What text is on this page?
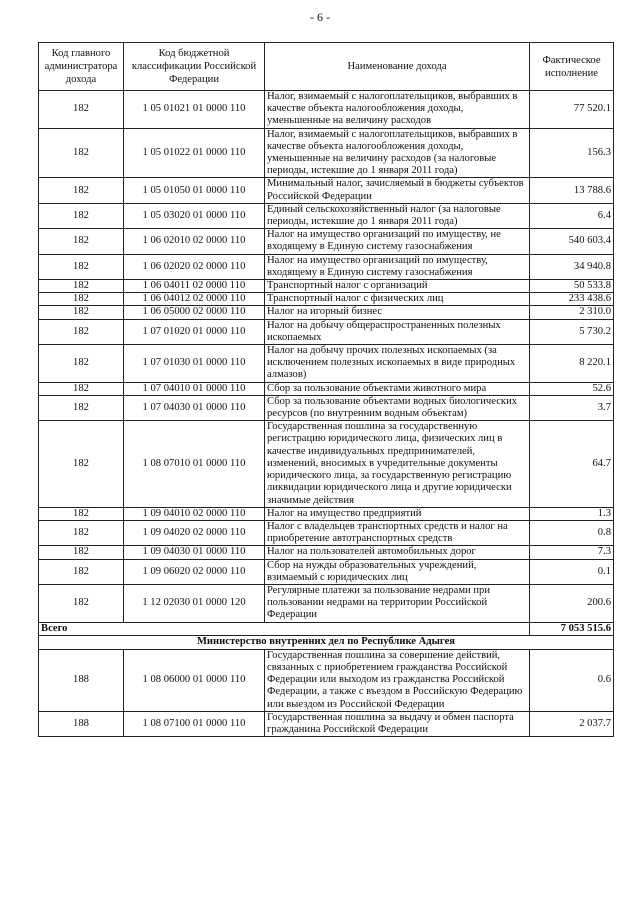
- 6 -
Код главного администратора дохода	Код бюджетной классификации Российской Федерации	Наименование дохода	Фактическое исполнение
182	1 05 01021 01 0000 110	Налог, взимаемый с налогоплательщиков, выбравших в качестве объекта налогообложения доходы, уменьшенные на величину расходов	77 520.1
182	1 05 01022 01 0000 110	Налог, взимаемый с налогоплательщиков, выбравших в качестве объекта налогообложения доходы, уменьшенные на величину расходов (за налоговые периоды, истекшие до 1 января 2011 года)	156.3
182	1 05 01050 01 0000 110	Минимальный налог, зачисляемый в бюджеты субъектов Российской Федерации	13 788.6
182	1 05 03020 01 0000 110	Единый сельскохозяйственный налог (за налоговые периоды, истекшие до 1 января 2011 года)	6.4
182	1 06 02010 02 0000 110	Налог на имущество организаций по имуществу, не входящему в Единую систему газоснабжения	540 603.4
182	1 06 02020 02 0000 110	Налог на имущество организаций по имуществу, входящему в Единую систему газоснабжения	34 940.8
182	1 06 04011 02 0000 110	Транспортный налог с организаций	50 533.8
182	1 06 04012 02 0000 110	Транспортный налог с физических лиц	233 438.6
182	1 06 05000 02 0000 110	Налог на игорный бизнес	2 310.0
182	1 07 01020 01 0000 110	Налог на добычу общераспространенных полезных ископаемых	5 730.2
182	1 07 01030 01 0000 110	Налог на добычу прочих полезных ископаемых (за исключением полезных ископаемых в виде природных алмазов)	8 220.1
182	1 07 04010 01 0000 110	Сбор за пользование объектами животного мира	52.6
182	1 07 04030 01 0000 110	Сбор за пользование объектами водных биологических ресурсов (по внутренним водным объектам)	3.7
182	1 08 07010 01 0000 110	Государственная пошлина за государственную регистрацию юридического лица, физических лиц в качестве индивидуальных предпринимателей, изменений, вносимых в учредительные документы юридического лица, за государственную регистрацию ликвидации юридического лица и другие юридически значимые действия	64.7
182	1 09 04010 02 0000 110	Налог на имущество предприятий	1.3
182	1 09 04020 02 0000 110	Налог с владельцев транспортных средств и налог на приобретение автотранспортных средств	0.8
182	1 09 04030 01 0000 110	Налог на пользователей автомобильных дорог	7.3
182	1 09 06020 02 0000 110	Сбор на нужды образовательных учреждений, взимаемый с юридических лиц	0.1
182	1 12 02030 01 0000 120	Регулярные платежи за пользование недрами при пользовании недрами на территории Российской Федерации	200.6
Всего			7 053 515.6
Министерство внутренних дел по Республике Адыгея			
188	1 08 06000 01 0000 110	Государственная пошлина за совершение действий, связанных с приобретением гражданства Российской Федерации или выходом из гражданства Российской Федерации, а также с въездом в Российскую Федерацию или выездом из Российской Федерации	0.6
188	1 08 07100 01 0000 110	Государственная пошлина за выдачу и обмен паспорта гражданина Российской Федерации	2 037.7
